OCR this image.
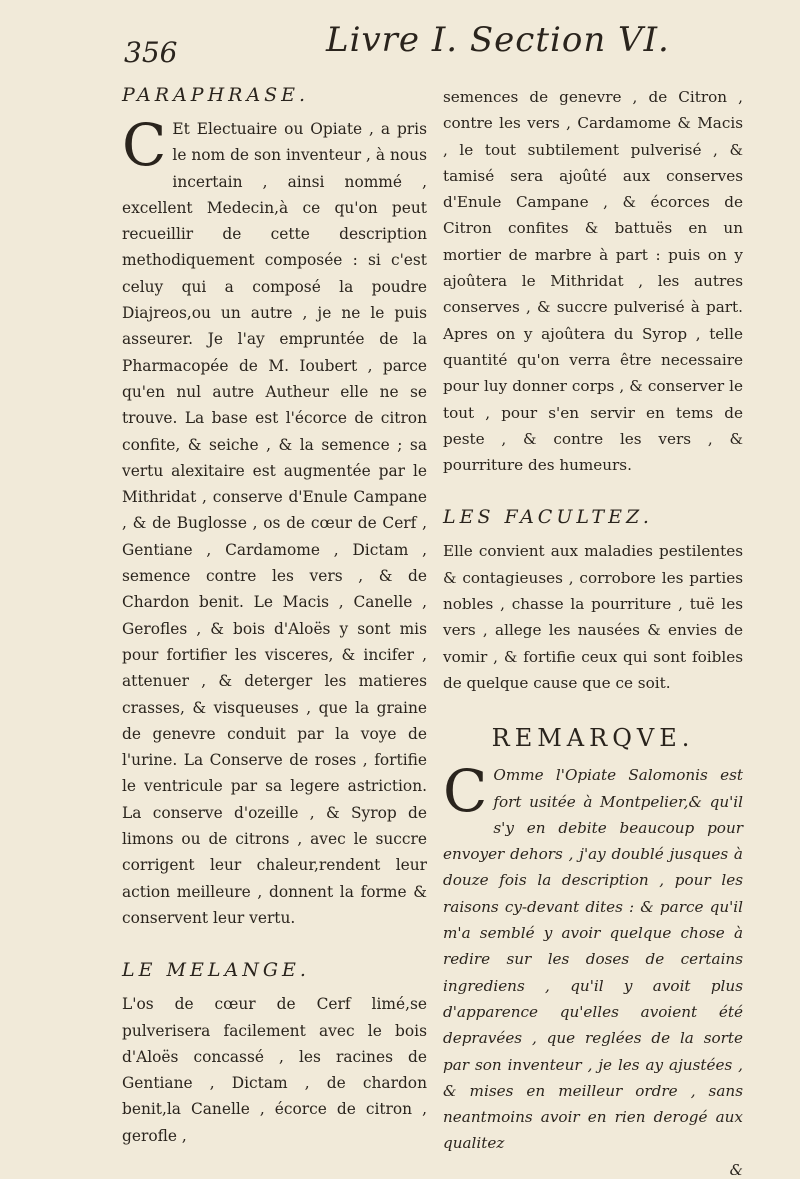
356	Livre I. Section VI.
PARAPHRASE.

C Et Electuaire ou Opiate , a pris le nom de son inventeur , à nous incertain , ainsi nommé , excellent Medecin,à ce qu'on peut recueillir de cette description methodiquement composée : si c'est celuy qui a composé la poudre Diajreos,ou un autre , je ne le puis asseurer. Je l'ay empruntée de la Pharmacopée de M. Ioubert , parce qu'en nul autre Autheur elle ne se trouve. La base est l'écorce de citron confite, & seiche , & la semence ; sa vertu alexitaire est augmentée par le Mithridat , conserve d'Enule Campane , & de Buglosse , os de cœur de Cerf , Gentiane , Cardamome , Dictam , semence contre les vers , & de Chardon benit. Le Macis , Canelle , Gerofles , & bois d'Aloës y sont mis pour fortifier les visceres, & incifer , attenuer , & deterger les matieres crasses, & visqueuses , que la graine de genevre conduit par la voye de l'urine. La Conserve de roses , fortifie le ventricule par sa legere astriction. La conserve d'ozeille , & Syrop de limons ou de citrons , avec le succre corrigent leur chaleur,rendent leur action meilleure , donnent la forme & conservent leur vertu.

LE MELANGE.

L'os de cœur de Cerf limé,se pulverisera facilement avec le bois d'Aloës concassé , les racines de Gentiane , Dictam , de chardon benit,la Canelle , écorce de citron , gerofle ,

semences de genevre , de Citron , contre les vers , Cardamome & Macis , le tout subtilement pulverisé , & tamisé sera ajoûté aux conserves d'Enule Campane , & écorces de Citron confites & battuës en un mortier de marbre à part : puis on y ajoûtera le Mithridat , les autres conserves , & succre pulverisé à part. Apres on y ajoûtera du Syrop , telle quantité qu'on verra être necessaire pour luy donner corps , & conserver le tout , pour s'en servir en tems de peste , & contre les vers , & pourriture des humeurs.

LES FACULTEZ.

Elle convient aux maladies pestilentes & contagieuses , corrobore les parties nobles , chasse la pourriture , tuë les vers , allege les nausées & envies de vomir , & fortifie ceux qui sont foibles de quelque cause que ce soit.

REMARQVE.

C Omme l'Opiate Salomonis est fort usitée à Montpelier,& qu'il s'y en debite beaucoup pour envoyer dehors , j'ay doublé jusques à douze fois la description , pour les raisons cy-devant dites : & parce qu'il m'a semblé y avoir quelque chose à redire sur les doses de certains ingrediens , qu'il y avoit plus d'apparence qu'elles avoient été depravées , que reglées de la sorte par son inventeur , je les ay ajustées , & mises en meilleur ordre , sans neantmoins avoir en rien derogé aux qualitez

&
